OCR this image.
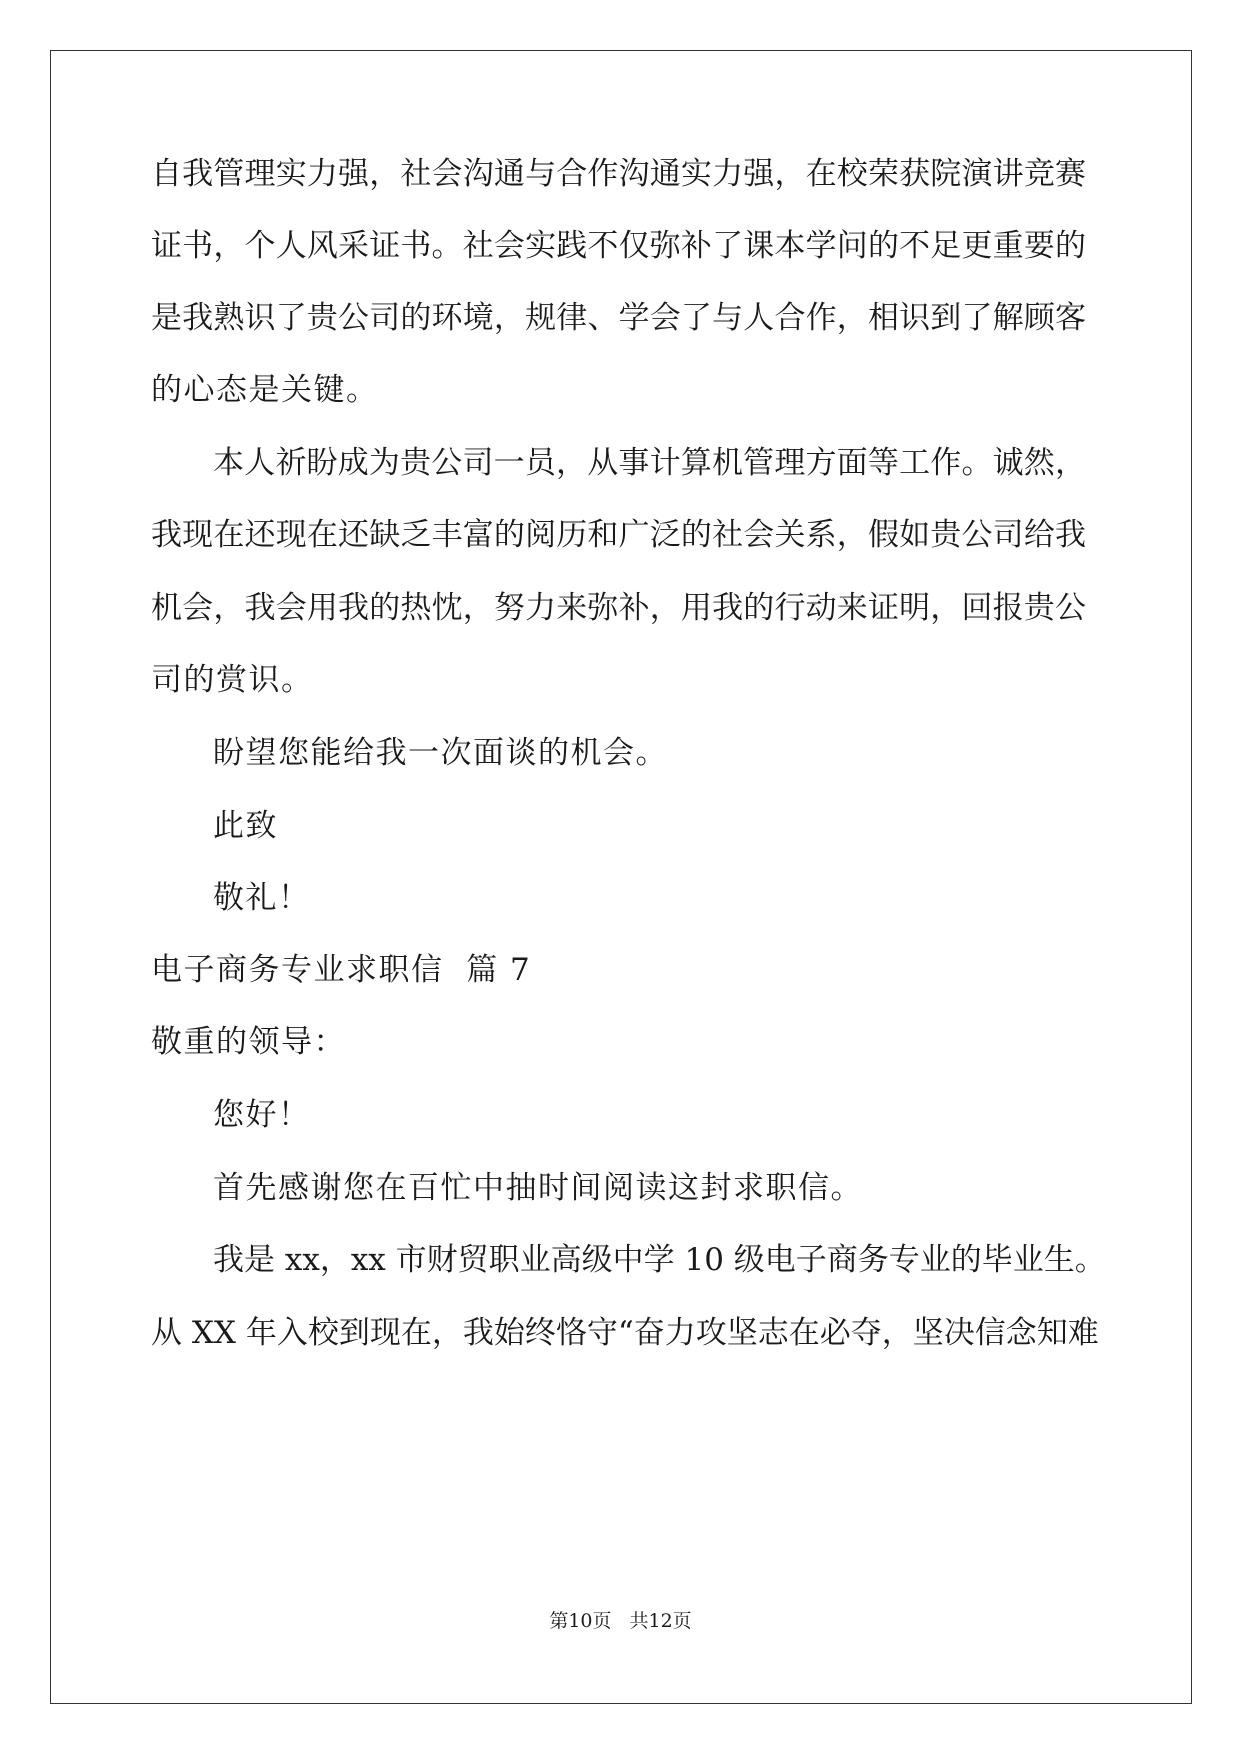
自我管理实力强，社会沟通与合作沟通实力强，在校荣获院演讲竞赛
证书，个人风采证书。社会实践不仅弥补了课本学问的不足更重要的
是我熟识了贵公司的环境，规律、学会了与人合作，相识到了解顾客
的心态是关键。
本人祈盼成为贵公司一员，从事计算机管理方面等工作。诚然，
我现在还现在还缺乏丰富的阅历和广泛的社会关系，假如贵公司给我
机会，我会用我的热忱，努力来弥补，用我的行动来证明，回报贵公
司的赏识。
盼望您能给我一次面谈的机会。
此致
敬礼！
电子商务专业求职信  篇 7
敬重的领导：
您好！
首先感谢您在百忙中抽时间阅读这封求职信。
我是 xx，xx 市财贸职业高级中学 10 级电子商务专业的毕业生。
从 XX 年入校到现在，我始终恪守“奋力攻坚志在必夺，坚决信念知难
第10页 共12页
